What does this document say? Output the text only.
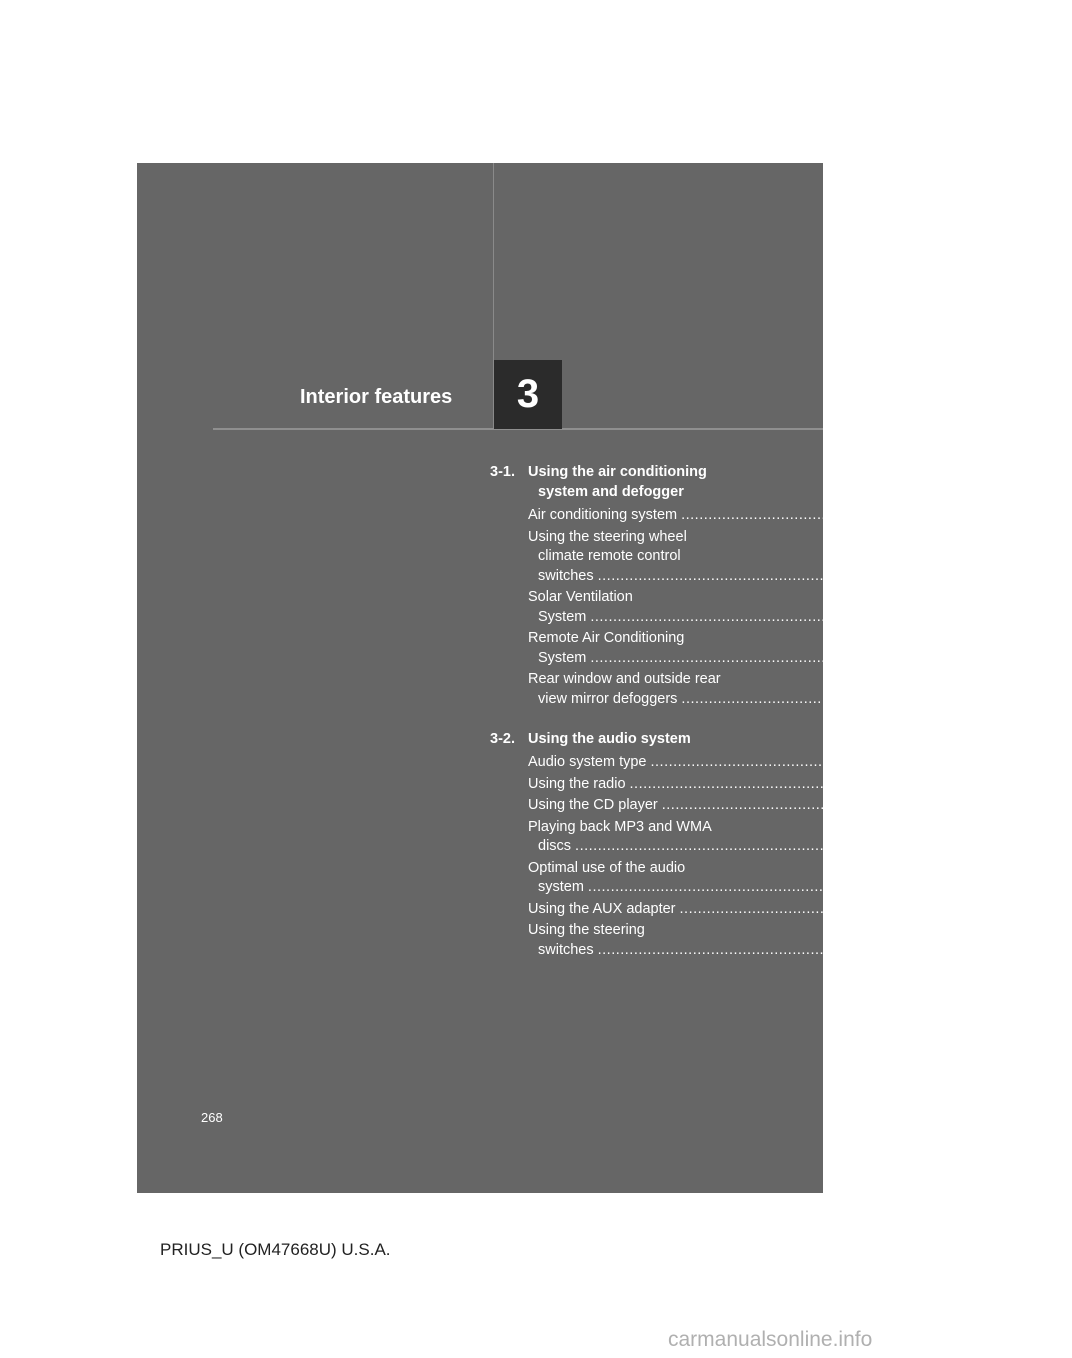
Interior features	3
3-1. Using the air conditioning
system and defogger
Air conditioning system ................................................................................ 270
Using the steering wheel
climate remote control
switches ................................................................................ 280
Solar Ventilation
System ................................................................................ 282
Remote Air Conditioning
System ................................................................................ 285
Rear window and outside rear
view mirror defoggers ................................................................................ 289
3-2. Using the audio system
Audio system type ................................................................................ 291
Using the radio ................................................................................ 294
Using the CD player ................................................................................ 303
Playing back MP3 and WMA
discs ................................................................................ 311
Optimal use of the audio
system ................................................................................ 319
Using the AUX adapter ................................................................................ 322
Using the steering
switches ................................................................................ 323
268
PRIUS_U (OM47668U) U.S.A.
carmanualsonline.info
